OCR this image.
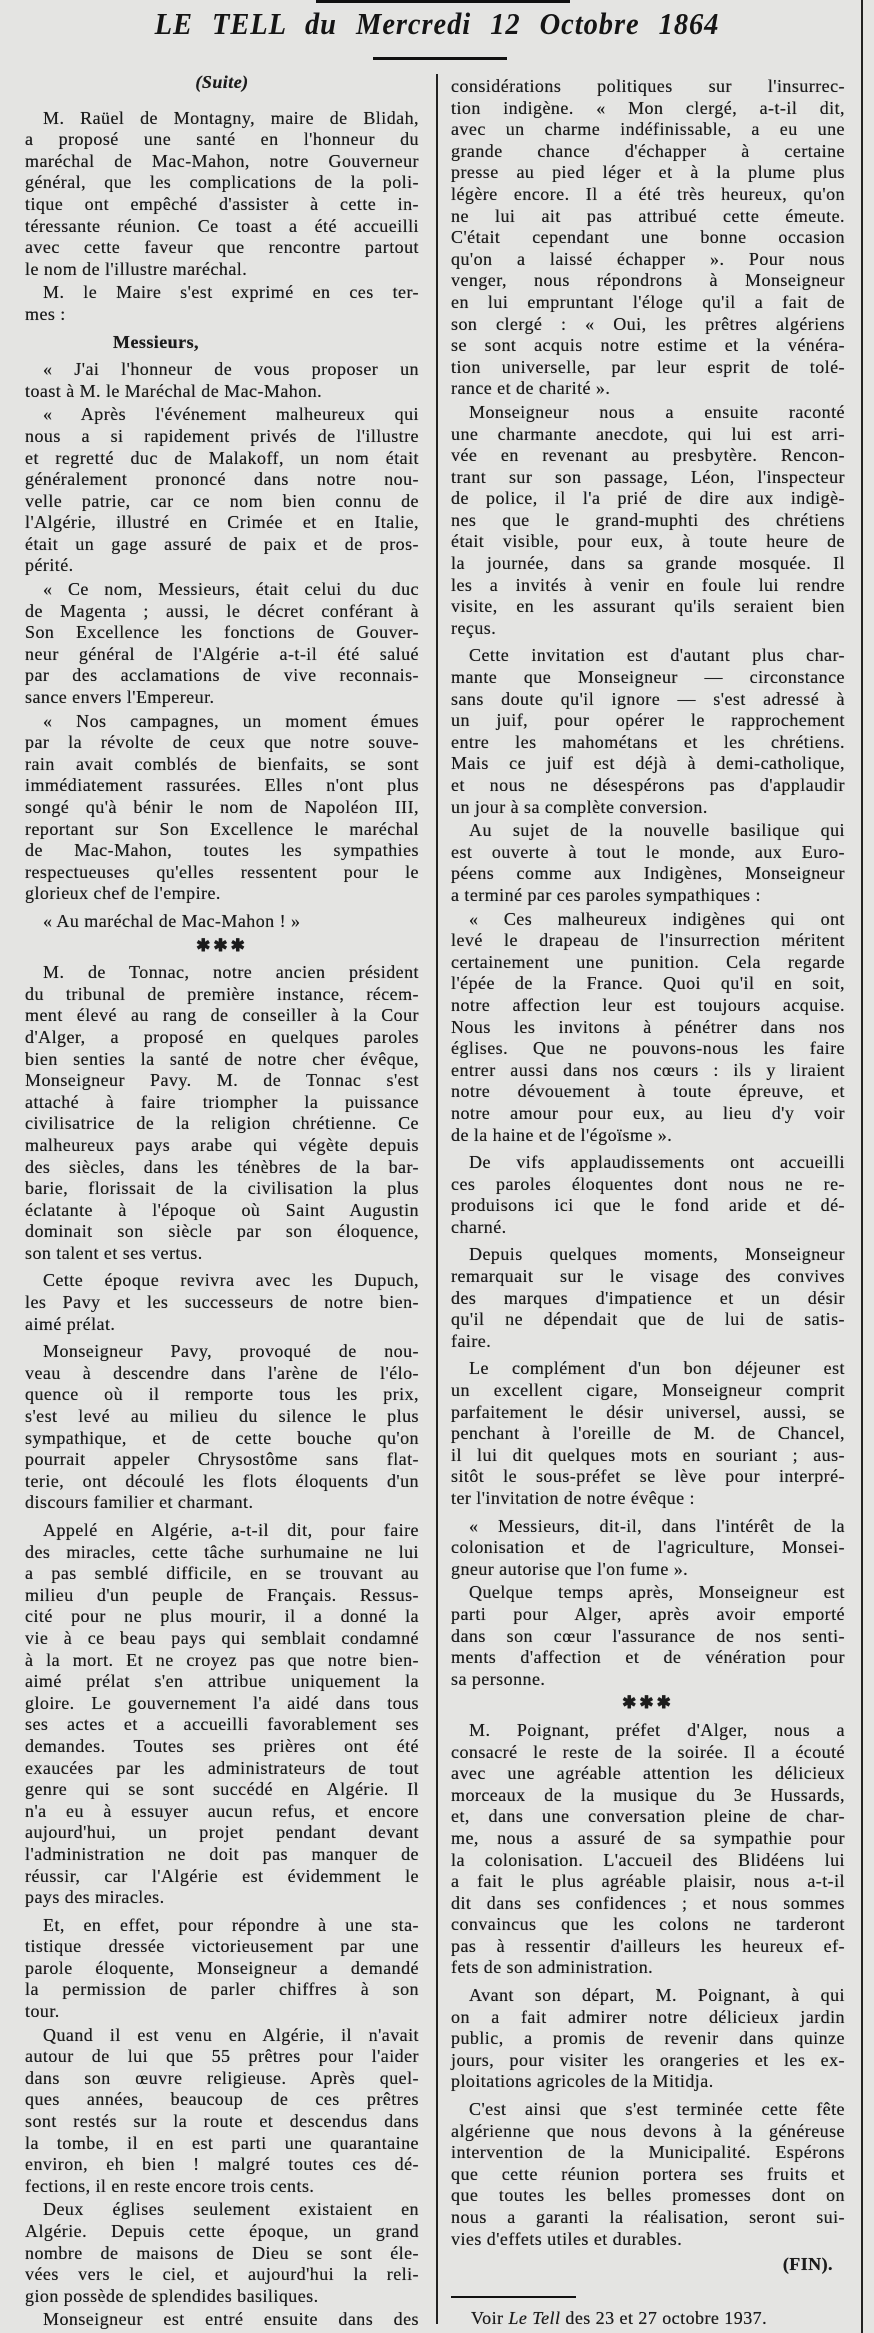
LE TELL du Mercredi 12 Octobre 1864
(Suite)
M. Raüel de Montagny, maire de Blidah,
a proposé une santé en l'honneur du
maréchal de Mac-Mahon, notre Gouverneur
général, que les complications de la poli-
tique ont empêché d'assister à cette in-
téressante réunion. Ce toast a été accueilli
avec cette faveur que rencontre partout
le nom de l'illustre maréchal.
M. le Maire s'est exprimé en ces ter-
mes :
Messieurs,
« J'ai l'honneur de vous proposer un
toast à M. le Maréchal de Mac-Mahon.
« Après l'événement malheureux qui
nous a si rapidement privés de l'illustre
et regretté duc de Malakoff, un nom était
généralement prononcé dans notre nou-
velle patrie, car ce nom bien connu de
l'Algérie, illustré en Crimée et en Italie,
était un gage assuré de paix et de pros-
périté.
« Ce nom, Messieurs, était celui du duc
de Magenta ; aussi, le décret conférant à
Son Excellence les fonctions de Gouver-
neur général de l'Algérie a-t-il été salué
par des acclamations de vive reconnais-
sance envers l'Empereur.
« Nos campagnes, un moment émues
par la révolte de ceux que notre souve-
rain avait comblés de bienfaits, se sont
immédiatement rassurées. Elles n'ont plus
songé qu'à bénir le nom de Napoléon III,
reportant sur Son Excellence le maréchal
de Mac-Mahon, toutes les sympathies
respectueuses qu'elles ressentent pour le
glorieux chef de l'empire.
« Au maréchal de Mac-Mahon ! »
✱✱✱
M. de Tonnac, notre ancien président
du tribunal de première instance, récem-
ment élevé au rang de conseiller à la Cour
d'Alger, a proposé en quelques paroles
bien senties la santé de notre cher évêque,
Monseigneur Pavy. M. de Tonnac s'est
attaché à faire triompher la puissance
civilisatrice de la religion chrétienne. Ce
malheureux pays arabe qui végète depuis
des siècles, dans les ténèbres de la bar-
barie, florissait de la civilisation la plus
éclatante à l'époque où Saint Augustin
dominait son siècle par son éloquence,
son talent et ses vertus.
Cette époque revivra avec les Dupuch,
les Pavy et les successeurs de notre bien-
aimé prélat.
Monseigneur Pavy, provoqué de nou-
veau à descendre dans l'arène de l'élo-
quence où il remporte tous les prix,
s'est levé au milieu du silence le plus
sympathique, et de cette bouche qu'on
pourrait appeler Chrysostôme sans flat-
terie, ont découlé les flots éloquents d'un
discours familier et charmant.
Appelé en Algérie, a-t-il dit, pour faire
des miracles, cette tâche surhumaine ne lui
a pas semblé difficile, en se trouvant au
milieu d'un peuple de Français. Ressus-
cité pour ne plus mourir, il a donné la
vie à ce beau pays qui semblait condamné
à la mort. Et ne croyez pas que notre bien-
aimé prélat s'en attribue uniquement la
gloire. Le gouvernement l'a aidé dans tous
ses actes et a accueilli favorablement ses
demandes. Toutes ses prières ont été
exaucées par les administrateurs de tout
genre qui se sont succédé en Algérie. Il
n'a eu à essuyer aucun refus, et encore
aujourd'hui, un projet pendant devant
l'administration ne doit pas manquer de
réussir, car l'Algérie est évidemment le
pays des miracles.
Et, en effet, pour répondre à une sta-
tistique dressée victorieusement par une
parole éloquente, Monseigneur a demandé
la permission de parler chiffres à son
tour.
Quand il est venu en Algérie, il n'avait
autour de lui que 55 prêtres pour l'aider
dans son œuvre religieuse. Après quel-
ques années, beaucoup de ces prêtres
sont restés sur la route et descendus dans
la tombe, il en est parti une quarantaine
environ, eh bien ! malgré toutes ces dé-
fections, il en reste encore trois cents.
Deux églises seulement existaient en
Algérie. Depuis cette époque, un grand
nombre de maisons de Dieu se sont éle-
vées vers le ciel, et aujourd'hui la reli-
gion possède de splendides basiliques.
Monseigneur est entré ensuite dans des
considérations politiques sur l'insurrec-
tion indigène. « Mon clergé, a-t-il dit,
avec un charme indéfinissable, a eu une
grande chance d'échapper à certaine
presse au pied léger et à la plume plus
légère encore. Il a été très heureux, qu'on
ne lui ait pas attribué cette émeute.
C'était cependant une bonne occasion
qu'on a laissé échapper ». Pour nous
venger, nous répondrons à Monseigneur
en lui empruntant l'éloge qu'il a fait de
son clergé : « Oui, les prêtres algériens
se sont acquis notre estime et la vénéra-
tion universelle, par leur esprit de tolé-
rance et de charité ».
Monseigneur nous a ensuite raconté
une charmante anecdote, qui lui est arri-
vée en revenant au presbytère. Rencon-
trant sur son passage, Léon, l'inspecteur
de police, il l'a prié de dire aux indigè-
nes que le grand-muphti des chrétiens
était visible, pour eux, à toute heure de
la journée, dans sa grande mosquée. Il
les a invités à venir en foule lui rendre
visite, en les assurant qu'ils seraient bien
reçus.
Cette invitation est d'autant plus char-
mante que Monseigneur — circonstance
sans doute qu'il ignore — s'est adressé à
un juif, pour opérer le rapprochement
entre les mahométans et les chrétiens.
Mais ce juif est déjà à demi-catholique,
et nous ne désespérons pas d'applaudir
un jour à sa complète conversion.
Au sujet de la nouvelle basilique qui
est ouverte à tout le monde, aux Euro-
péens comme aux Indigènes, Monseigneur
a terminé par ces paroles sympathiques :
« Ces malheureux indigènes qui ont
levé le drapeau de l'insurrection méritent
certainement une punition. Cela regarde
l'épée de la France. Quoi qu'il en soit,
notre affection leur est toujours acquise.
Nous les invitons à pénétrer dans nos
églises. Que ne pouvons-nous les faire
entrer aussi dans nos cœurs : ils y liraient
notre dévouement à toute épreuve, et
notre amour pour eux, au lieu d'y voir
de la haine et de l'égoïsme ».
De vifs applaudissements ont accueilli
ces paroles éloquentes dont nous ne re-
produisons ici que le fond aride et dé-
charné.
Depuis quelques moments, Monseigneur
remarquait sur le visage des convives
des marques d'impatience et un désir
qu'il ne dépendait que de lui de satis-
faire.
Le complément d'un bon déjeuner est
un excellent cigare, Monseigneur comprit
parfaitement le désir universel, aussi, se
penchant à l'oreille de M. de Chancel,
il lui dit quelques mots en souriant ; aus-
sitôt le sous-préfet se lève pour interpré-
ter l'invitation de notre évêque :
« Messieurs, dit-il, dans l'intérêt de la
colonisation et de l'agriculture, Monsei-
gneur autorise que l'on fume ».
Quelque temps après, Monseigneur est
parti pour Alger, après avoir emporté
dans son cœur l'assurance de nos senti-
ments d'affection et de vénération pour
sa personne.
✱✱✱
M. Poignant, préfet d'Alger, nous a
consacré le reste de la soirée. Il a écouté
avec une agréable attention les délicieux
morceaux de la musique du 3e Hussards,
et, dans une conversation pleine de char-
me, nous a assuré de sa sympathie pour
la colonisation. L'accueil des Blidéens lui
a fait le plus agréable plaisir, nous a-t-il
dit dans ses confidences ; et nous sommes
convaincus que les colons ne tarderont
pas à ressentir d'ailleurs les heureux ef-
fets de son administration.
Avant son départ, M. Poignant, à qui
on a fait admirer notre délicieux jardin
public, a promis de revenir dans quinze
jours, pour visiter les orangeries et les ex-
ploitations agricoles de la Mitidja.
C'est ainsi que s'est terminée cette fête
algérienne que nous devons à la généreuse
intervention de la Municipalité. Espérons
que cette réunion portera ses fruits et
que toutes les belles promesses dont on
nous a garanti la réalisation, seront sui-
vies d'effets utiles et durables.
(FIN).
Voir Le Tell des 23 et 27 octobre 1937.
